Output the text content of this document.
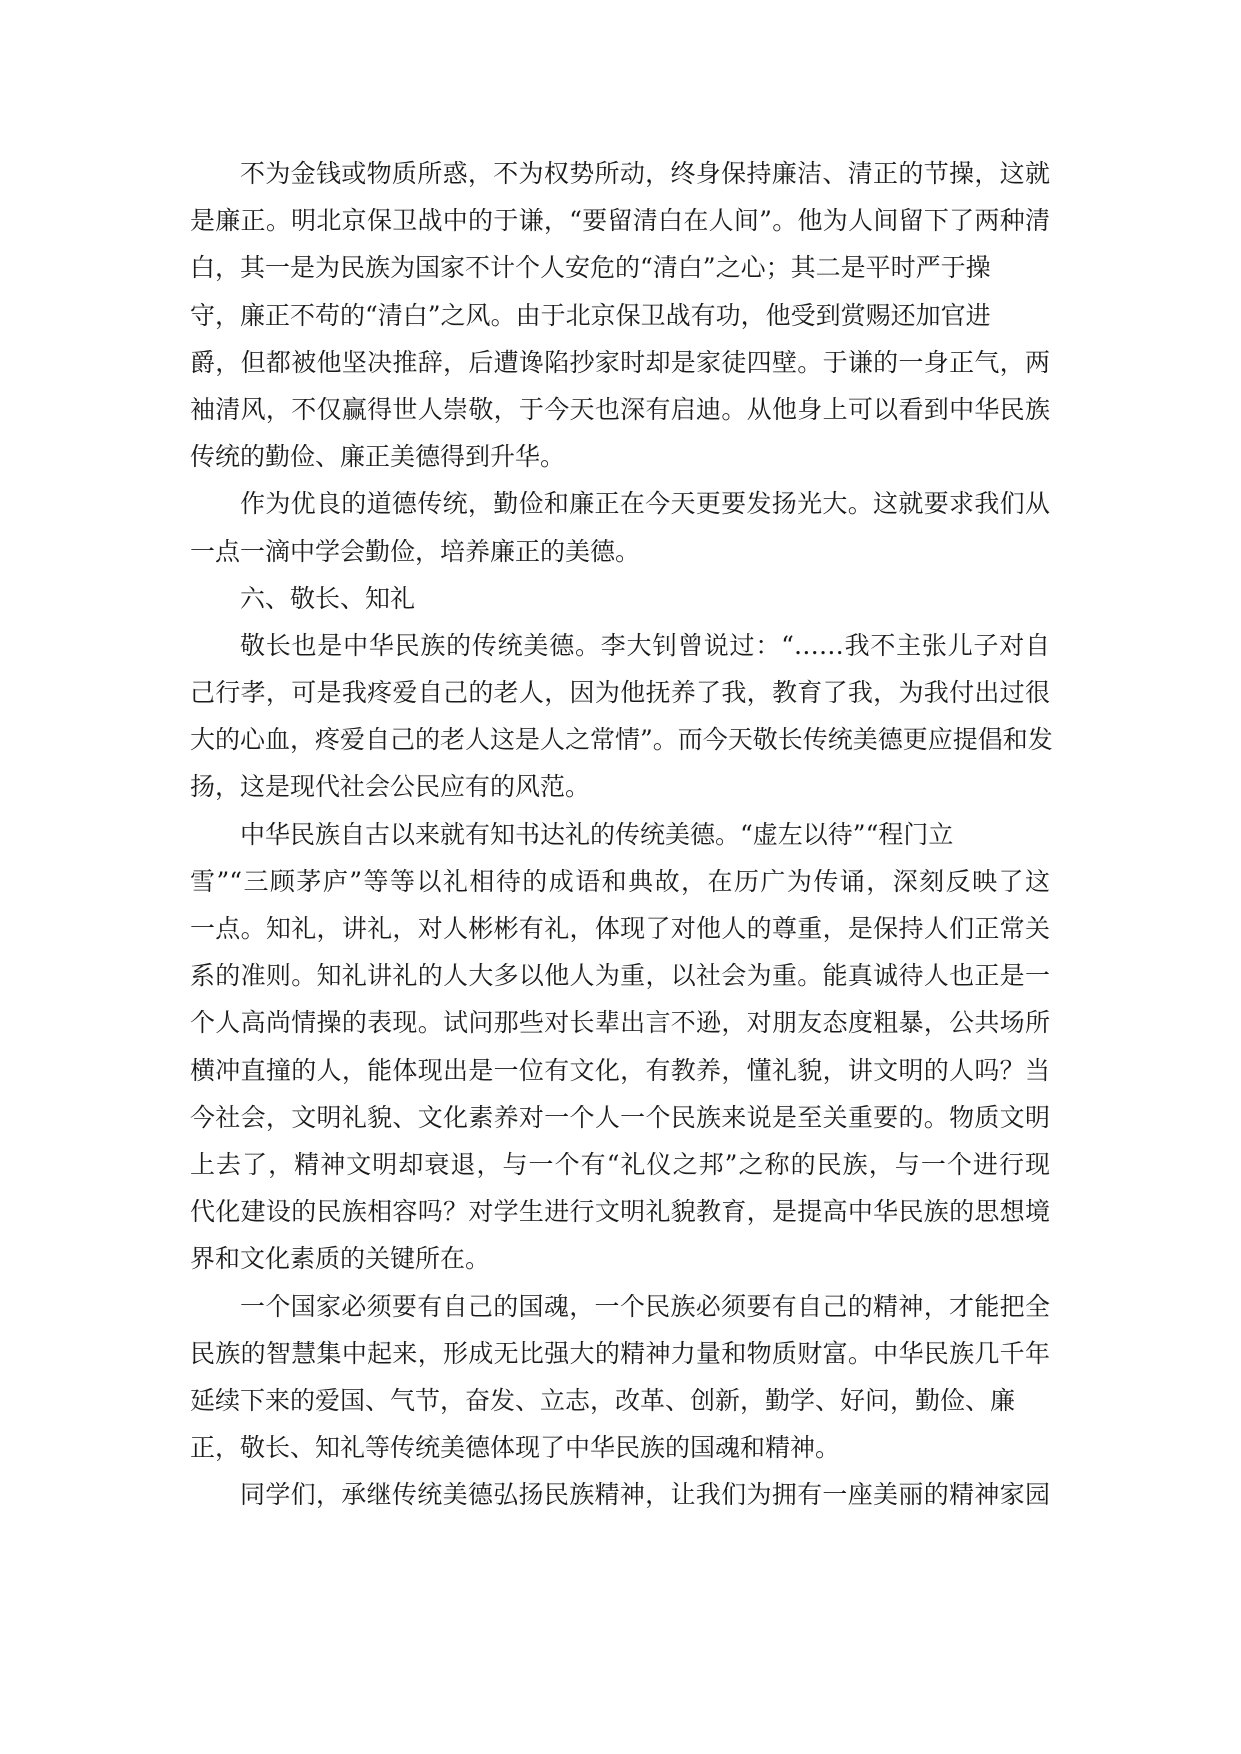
不为金钱或物质所惑，不为权势所动，终身保持廉洁、清正的节操，这就
是廉正。明北京保卫战中的于谦，“要留清白在人间”。他为人间留下了两种清
白，其一是为民族为国家不计个人安危的“清白”之心；其二是平时严于操
守，廉正不苟的“清白”之风。由于北京保卫战有功，他受到赏赐还加官进
爵，但都被他坚决推辞，后遭谗陷抄家时却是家徒四壁。于谦的一身正气，两
袖清风，不仅赢得世人崇敬，于今天也深有启迪。从他身上可以看到中华民族
传统的勤俭、廉正美德得到升华。
作为优良的道德传统，勤俭和廉正在今天更要发扬光大。这就要求我们从
一点一滴中学会勤俭，培养廉正的美德。
六、敬长、知礼
敬长也是中华民族的传统美德。李大钊曾说过：“……我不主张儿子对自
己行孝，可是我疼爱自己的老人，因为他抚养了我，教育了我，为我付出过很
大的心血，疼爱自己的老人这是人之常情”。而今天敬长传统美德更应提倡和发
扬，这是现代社会公民应有的风范。
中华民族自古以来就有知书达礼的传统美德。“虚左以待”“程门立
雪”“三顾茅庐”等等以礼相待的成语和典故，在历广为传诵，深刻反映了这
一点。知礼，讲礼，对人彬彬有礼，体现了对他人的尊重，是保持人们正常关
系的准则。知礼讲礼的人大多以他人为重，以社会为重。能真诚待人也正是一
个人高尚情操的表现。试问那些对长辈出言不逊，对朋友态度粗暴，公共场所
横冲直撞的人，能体现出是一位有文化，有教养，懂礼貌，讲文明的人吗？当
今社会，文明礼貌、文化素养对一个人一个民族来说是至关重要的。物质文明
上去了，精神文明却衰退，与一个有“礼仪之邦”之称的民族，与一个进行现
代化建设的民族相容吗？对学生进行文明礼貌教育，是提高中华民族的思想境
界和文化素质的关键所在。
一个国家必须要有自己的国魂，一个民族必须要有自己的精神，才能把全
民族的智慧集中起来，形成无比强大的精神力量和物质财富。中华民族几千年
延续下来的爱国、气节，奋发、立志，改革、创新，勤学、好问，勤俭、廉
正，敬长、知礼等传统美德体现了中华民族的国魂和精神。
同学们，承继传统美德弘扬民族精神，让我们为拥有一座美丽的精神家园
